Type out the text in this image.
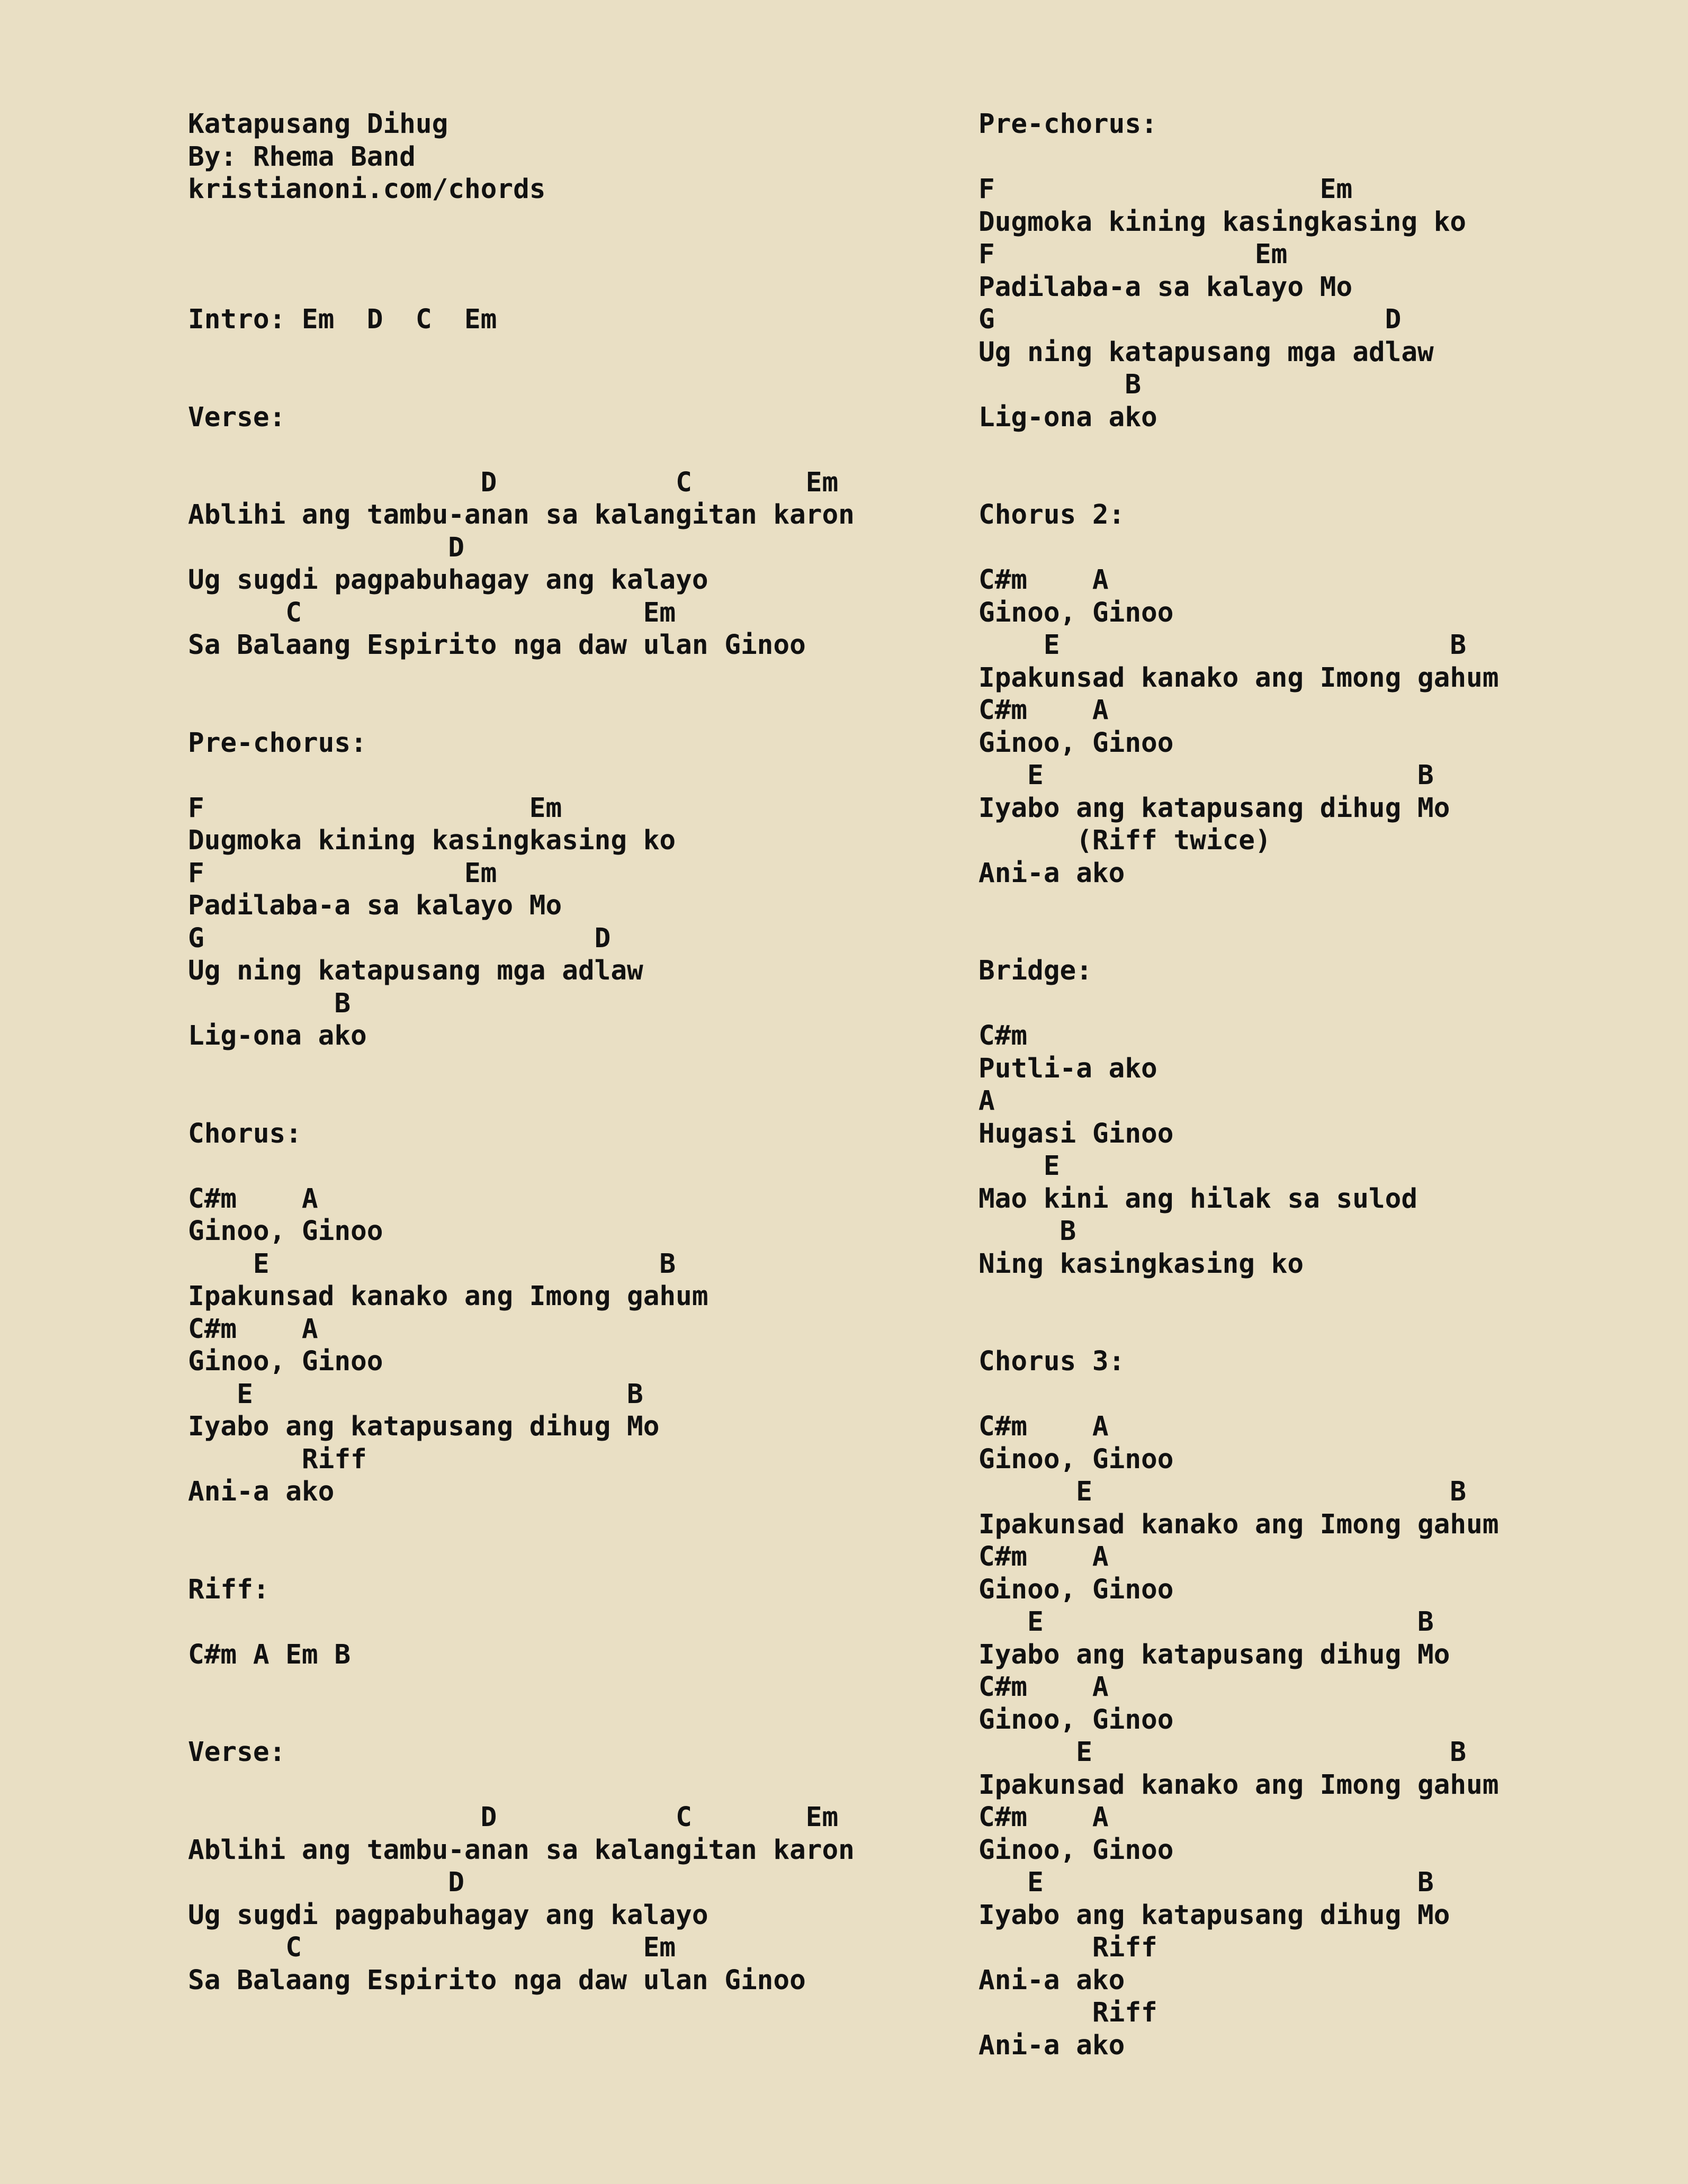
Katapusang Dihug
By: Rhema Band
kristianoni.com/chords
Intro: Em  D  C  Em
Verse:
D           C       Em
Ablihi ang tambu-anan sa kalangitan karon
D
Ug sugdi pagpabuhagay ang kalayo
C                     Em
Sa Balaang Espirito nga daw ulan Ginoo
Pre-chorus:
F                    Em
Dugmoka kining kasingkasing ko
F                Em
Padilaba-a sa kalayo Mo
G                        D
Ug ning katapusang mga adlaw
B
Lig-ona ako
Chorus:
C#m    A
Ginoo, Ginoo
E                        B
Ipakunsad kanako ang Imong gahum
C#m    A
Ginoo, Ginoo
E                       B
Iyabo ang katapusang dihug Mo
Riff
Ani-a ako
Riff:
C#m A Em B
Verse:
D           C       Em
Ablihi ang tambu-anan sa kalangitan karon
D
Ug sugdi pagpabuhagay ang kalayo
C                     Em
Sa Balaang Espirito nga daw ulan Ginoo
Pre-chorus:
F                    Em
Dugmoka kining kasingkasing ko
F                Em
Padilaba-a sa kalayo Mo
G                        D
Ug ning katapusang mga adlaw
B
Lig-ona ako
Chorus 2:
C#m    A
Ginoo, Ginoo
E                        B
Ipakunsad kanako ang Imong gahum
C#m    A
Ginoo, Ginoo
E                       B
Iyabo ang katapusang dihug Mo
(Riff twice)
Ani-a ako
Bridge:
C#m
Putli-a ako
A
Hugasi Ginoo
E
Mao kini ang hilak sa sulod
B
Ning kasingkasing ko
Chorus 3:
C#m    A
Ginoo, Ginoo
E                      B
Ipakunsad kanako ang Imong gahum
C#m    A
Ginoo, Ginoo
E                       B
Iyabo ang katapusang dihug Mo
C#m    A
Ginoo, Ginoo
E                      B
Ipakunsad kanako ang Imong gahum
C#m    A
Ginoo, Ginoo
E                       B
Iyabo ang katapusang dihug Mo
Riff
Ani-a ako
Riff
Ani-a ako
